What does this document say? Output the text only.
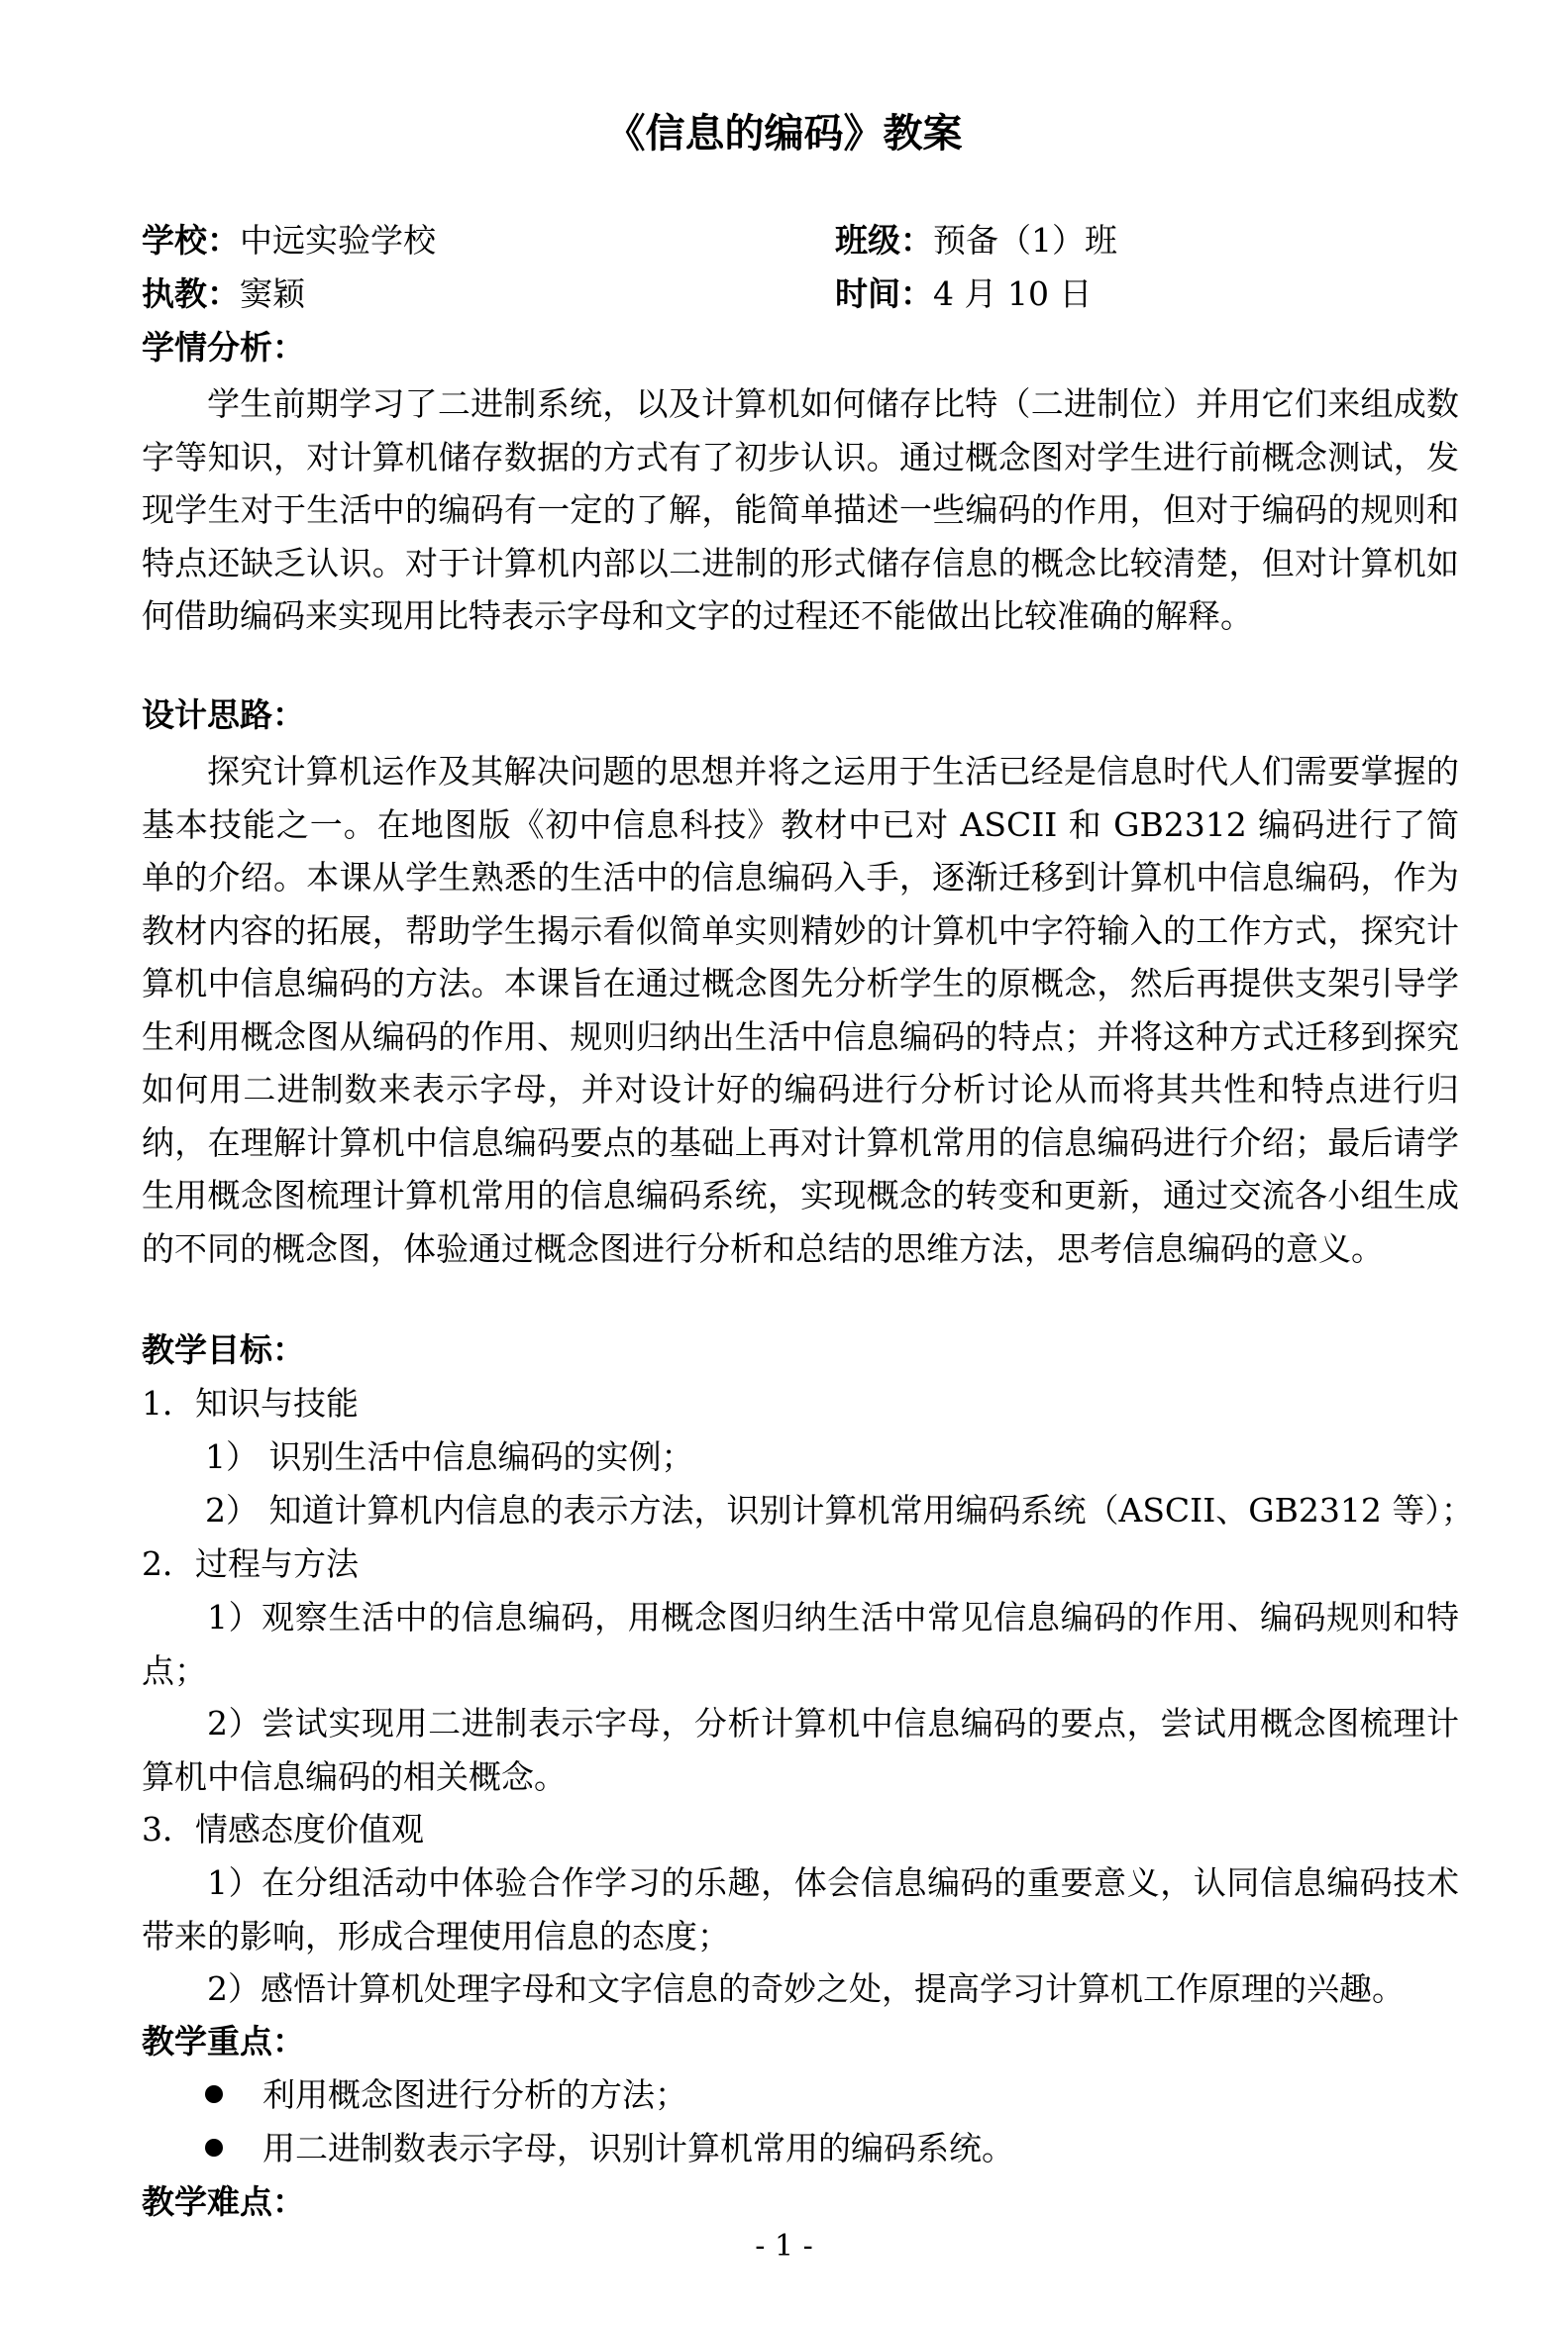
《信息的编码》教案
学校：中远实验学校	班级：预备（1）班
执教：窦颖	时间：4 月 10 日
学情分析：

学生前期学习了二进制系统，以及计算机如何储存比特（二进制位）并用它们来组成数字等知识，对计算机储存数据的方式有了初步认识。通过概念图对学生进行前概念测试，发现学生对于生活中的编码有一定的了解，能简单描述一些编码的作用，但对于编码的规则和特点还缺乏认识。对于计算机内部以二进制的形式储存信息的概念比较清楚，但对计算机如何借助编码来实现用比特表示字母和文字的过程还不能做出比较准确的解释。

设计思路：

探究计算机运作及其解决问题的思想并将之运用于生活已经是信息时代人们需要掌握的基本技能之一。在地图版《初中信息科技》教材中已对 ASCII 和 GB2312 编码进行了简单的介绍。本课从学生熟悉的生活中的信息编码入手，逐渐迁移到计算机中信息编码，作为教材内容的拓展，帮助学生揭示看似简单实则精妙的计算机中字符输入的工作方式，探究计算机中信息编码的方法。本课旨在通过概念图先分析学生的原概念，然后再提供支架引导学生利用概念图从编码的作用、规则归纳出生活中信息编码的特点；并将这种方式迁移到探究如何用二进制数来表示字母，并对设计好的编码进行分析讨论从而将其共性和特点进行归纳，在理解计算机中信息编码要点的基础上再对计算机常用的信息编码进行介绍；最后请学生用概念图梳理计算机常用的信息编码系统，实现概念的转变和更新，通过交流各小组生成的不同的概念图，体验通过概念图进行分析和总结的思维方法，思考信息编码的意义。

教学目标：
1．知识与技能
1） 识别生活中信息编码的实例；
2） 知道计算机内信息的表示方法，识别计算机常用编码系统（ASCII、GB2312 等）；
2．过程与方法

1）观察生活中的信息编码，用概念图归纳生活中常见信息编码的作用、编码规则和特点；

2）尝试实现用二进制表示字母，分析计算机中信息编码的要点，尝试用概念图梳理计算机中信息编码的相关概念。

3．情感态度价值观

1）在分组活动中体验合作学习的乐趣，体会信息编码的重要意义，认同信息编码技术带来的影响，形成合理使用信息的态度；

2）感悟计算机处理字母和文字信息的奇妙之处，提高学习计算机工作原理的兴趣。

教学重点：
利用概念图进行分析的方法；
用二进制数表示字母，识别计算机常用的编码系统。
教学难点：
- 1 -
